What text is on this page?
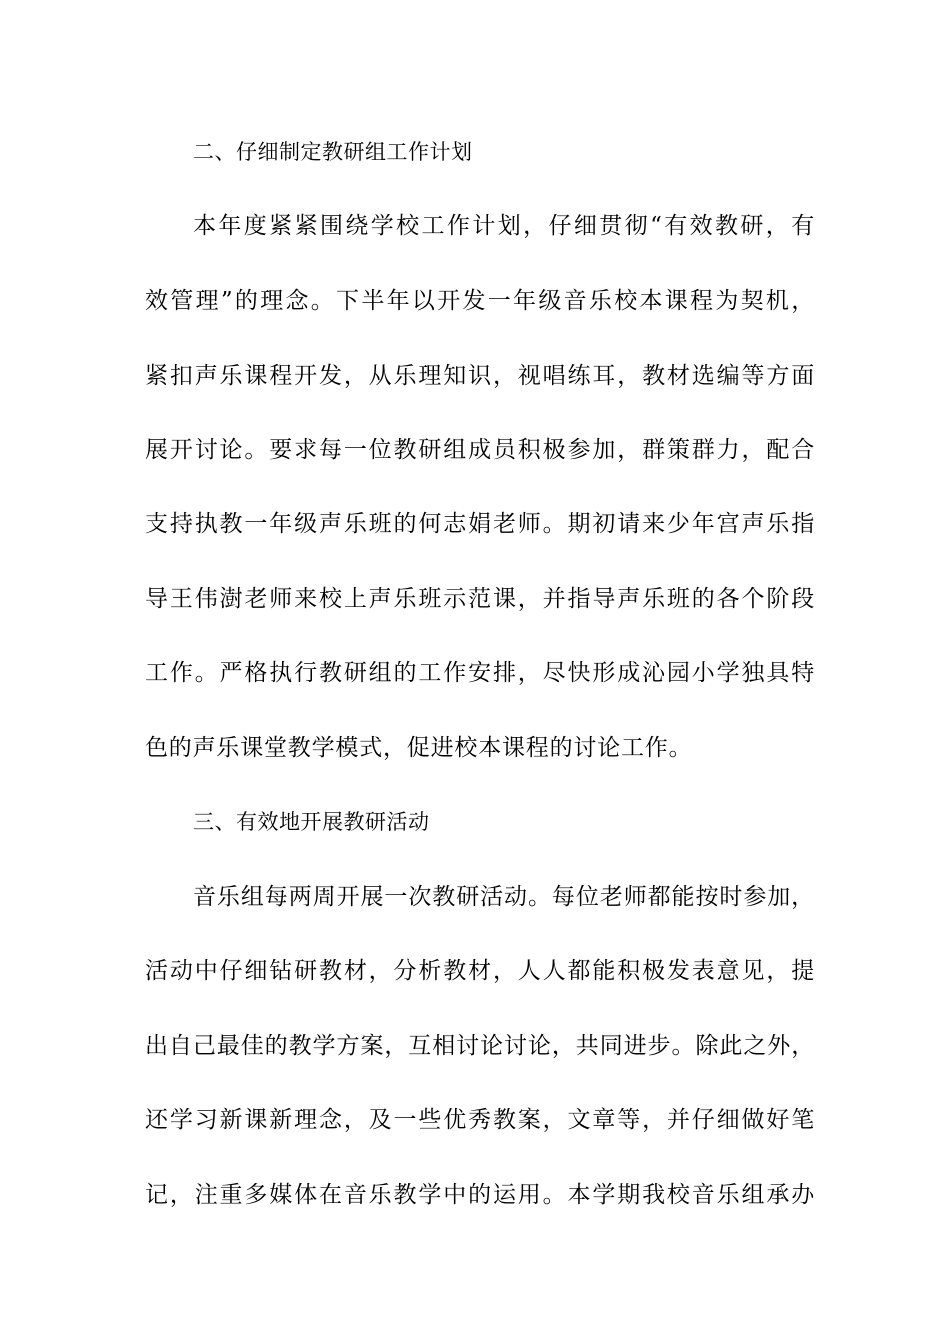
二、仔细制定教研组工作计划
本年度紧紧围绕学校工作计划，仔细贯彻“有效教研，有
效管理”的理念。下半年以开发一年级音乐校本课程为契机，
紧扣声乐课程开发，从乐理知识，视唱练耳，教材选编等方面
展开讨论。要求每一位教研组成员积极参加，群策群力，配合
支持执教一年级声乐班的何志娟老师。期初请来少年宫声乐指
导王伟澍老师来校上声乐班示范课，并指导声乐班的各个阶段
工作。严格执行教研组的工作安排，尽快形成沁园小学独具特
色的声乐课堂教学模式，促进校本课程的讨论工作。
三、有效地开展教研活动
音乐组每两周开展一次教研活动。每位老师都能按时参加，
活动中仔细钻研教材，分析教材，人人都能积极发表意见，提
出自己最佳的教学方案，互相讨论讨论，共同进步。除此之外，
还学习新课新理念，及一些优秀教案，文章等，并仔细做好笔
记，注重多媒体在音乐教学中的运用。本学期我校音乐组承办
